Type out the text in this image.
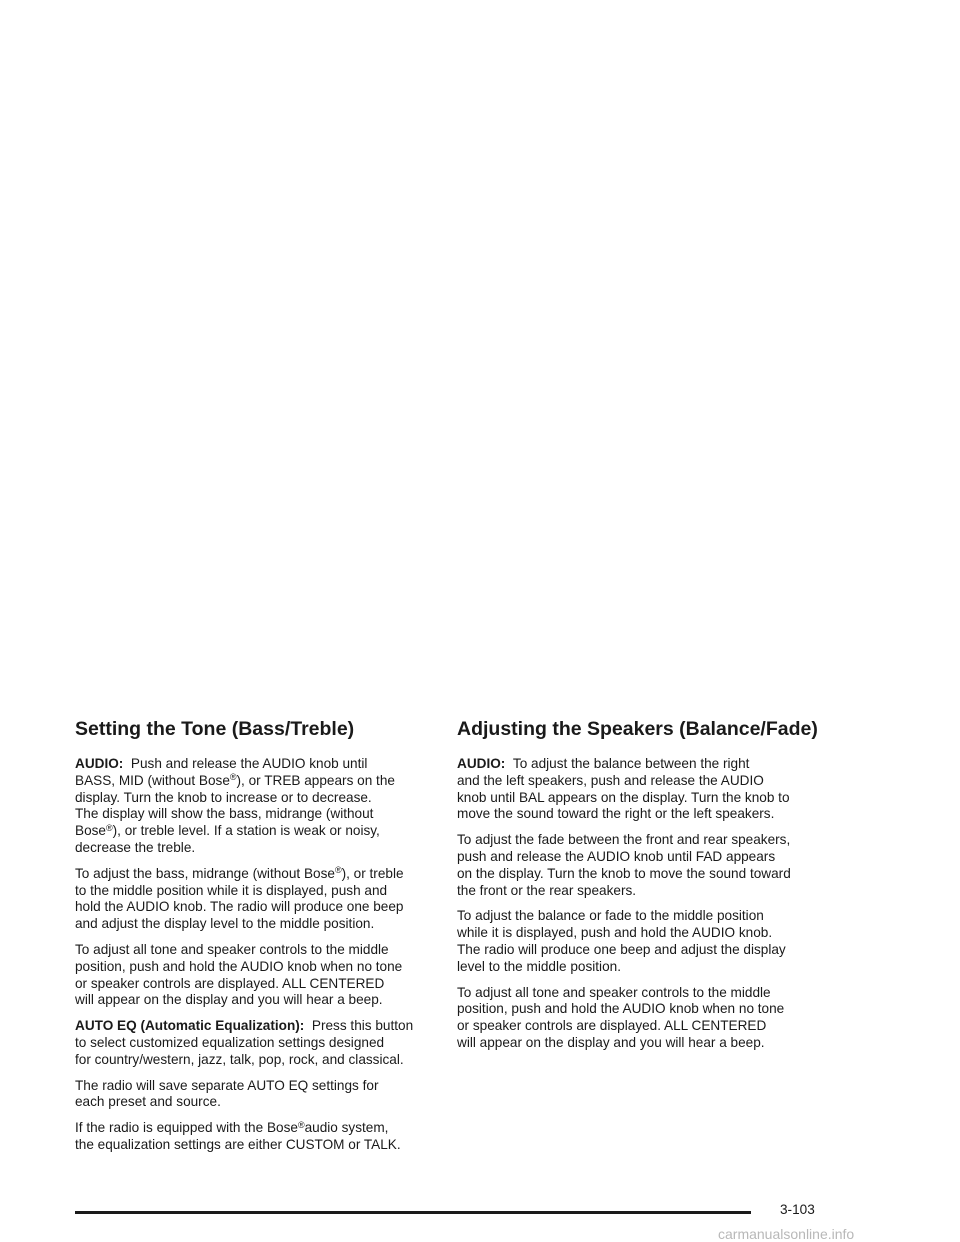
Setting the Tone (Bass/Treble)

AUDIO: Push and release the AUDIO knob until
BASS, MID (without Bose®), or TREB appears on the
display. Turn the knob to increase or to decrease.
The display will show the bass, midrange (without
Bose®), or treble level. If a station is weak or noisy,
decrease the treble.

To adjust the bass, midrange (without Bose®), or treble
to the middle position while it is displayed, push and
hold the AUDIO knob. The radio will produce one beep
and adjust the display level to the middle position.

To adjust all tone and speaker controls to the middle
position, push and hold the AUDIO knob when no tone
or speaker controls are displayed. ALL CENTERED
will appear on the display and you will hear a beep.

AUTO EQ (Automatic Equalization): Press this button
to select customized equalization settings designed
for country/western, jazz, talk, pop, rock, and classical.

The radio will save separate AUTO EQ settings for
each preset and source.

If the radio is equipped with the Bose®audio system,
the equalization settings are either CUSTOM or TALK.

Adjusting the Speakers (Balance/Fade)

AUDIO: To adjust the balance between the right
and the left speakers, push and release the AUDIO
knob until BAL appears on the display. Turn the knob to
move the sound toward the right or the left speakers.

To adjust the fade between the front and rear speakers,
push and release the AUDIO knob until FAD appears
on the display. Turn the knob to move the sound toward
the front or the rear speakers.

To adjust the balance or fade to the middle position
while it is displayed, push and hold the AUDIO knob.
The radio will produce one beep and adjust the display
level to the middle position.

To adjust all tone and speaker controls to the middle
position, push and hold the AUDIO knob when no tone
or speaker controls are displayed. ALL CENTERED
will appear on the display and you will hear a beep.

3-103
carmanualsonline.info
